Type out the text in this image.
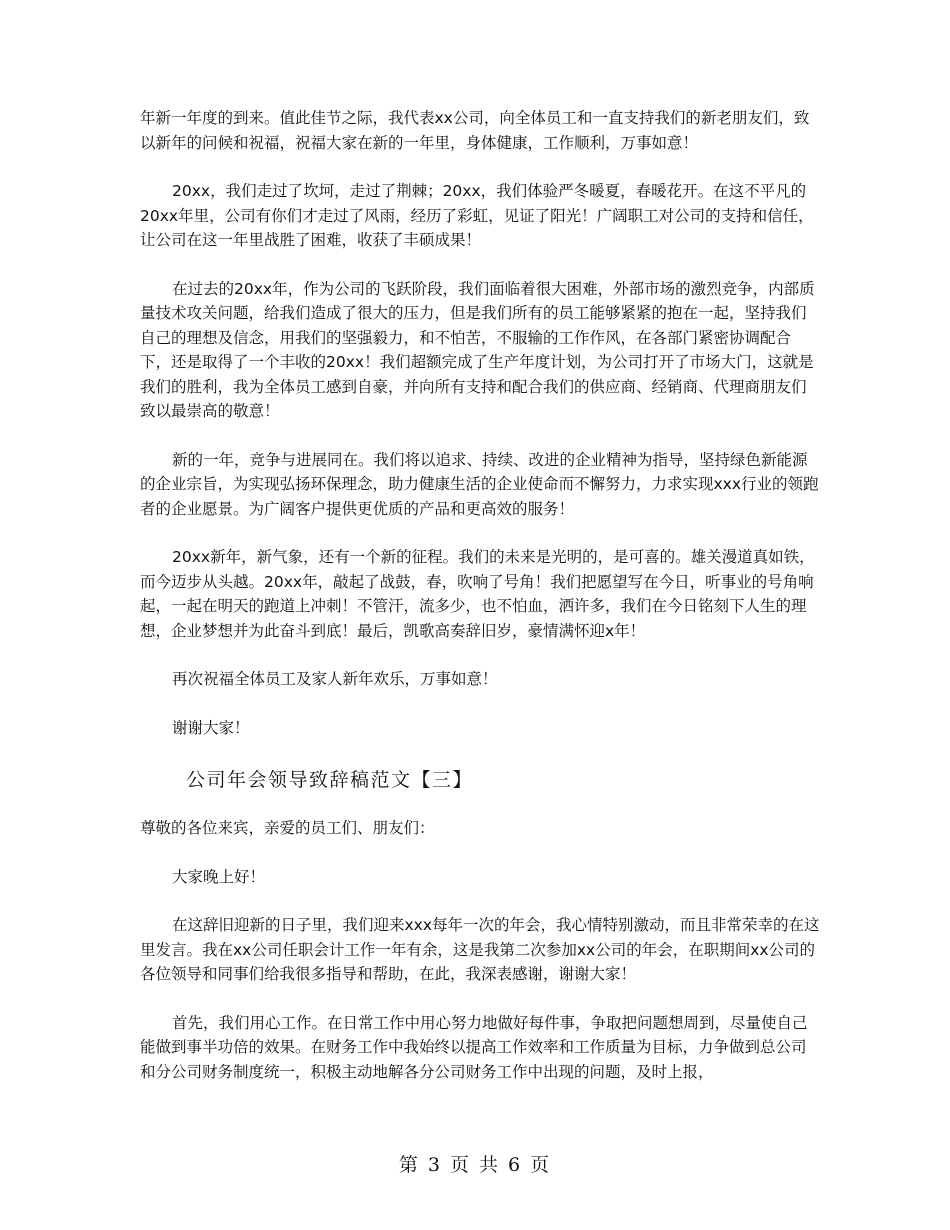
年新一年度的到来。值此佳节之际，我代表xx公司，向全体员工和一直支持我们的新老朋友们，致以新年的问候和祝福，祝福大家在新的一年里，身体健康，工作顺利，万事如意！

20xx，我们走过了坎坷，走过了荆棘；20xx，我们体验严冬暖夏，春暖花开。在这不平凡的20xx年里，公司有你们才走过了风雨，经历了彩虹，见证了阳光！广阔职工对公司的支持和信任，让公司在这一年里战胜了困难，收获了丰硕成果！

在过去的20xx年，作为公司的飞跃阶段，我们面临着很大困难，外部市场的激烈竞争，内部质量技术攻关问题，给我们造成了很大的压力，但是我们所有的员工能够紧紧的抱在一起，坚持我们自己的理想及信念，用我们的坚强毅力，和不怕苦，不服输的工作作风，在各部门紧密协调配合下，还是取得了一个丰收的20xx！我们超额完成了生产年度计划，为公司打开了市场大门，这就是我们的胜利，我为全体员工感到自豪，并向所有支持和配合我们的供应商、经销商、代理商朋友们致以最崇高的敬意！

新的一年，竞争与进展同在。我们将以追求、持续、改进的企业精神为指导，坚持绿色新能源的企业宗旨，为实现弘扬环保理念，助力健康生活的企业使命而不懈努力，力求实现xxx行业的领跑者的企业愿景。为广阔客户提供更优质的产品和更高效的服务！

20xx新年，新气象，还有一个新的征程。我们的未来是光明的，是可喜的。雄关漫道真如铁，而今迈步从头越。20xx年，敲起了战鼓，春，吹响了号角！我们把愿望写在今日，听事业的号角响起，一起在明天的跑道上冲刺！不管汗，流多少，也不怕血，洒许多，我们在今日铭刻下人生的理想，企业梦想并为此奋斗到底！最后，凯歌高奏辞旧岁，豪情满怀迎x年！

再次祝福全体员工及家人新年欢乐，万事如意！

谢谢大家！

公司年会领导致辞稿范文【三】

尊敬的各位来宾，亲爱的员工们、朋友们：

大家晚上好！

在这辞旧迎新的日子里，我们迎来xxx每年一次的年会，我心情特别激动，而且非常荣幸的在这里发言。我在xx公司任职会计工作一年有余，这是我第二次参加xx公司的年会，在职期间xx公司的各位领导和同事们给我很多指导和帮助，在此，我深表感谢，谢谢大家！

首先，我们用心工作。在日常工作中用心努力地做好每件事，争取把问题想周到，尽量使自己能做到事半功倍的效果。在财务工作中我始终以提高工作效率和工作质量为目标，力争做到总公司和分公司财务制度统一，积极主动地解各分公司财务工作中出现的问题，及时上报，

第 3 页 共 6 页
